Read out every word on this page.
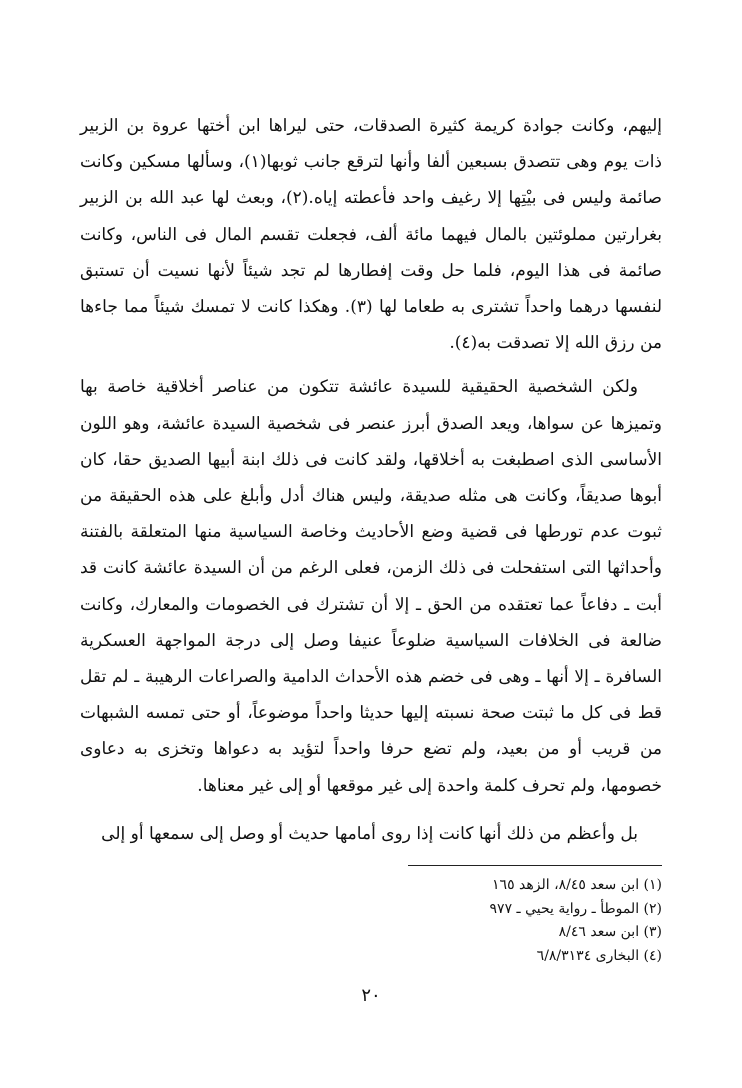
إليهم، وكانت جوادة كريمة كثيرة الصدقات، حتى ليراها ابن أختها عروة بن الزبير ذات يوم وهى تتصدق بسبعين ألفا وأنها لترقع جانب ثوبها(١)، وسألها مسكين وكانت صائمة وليس فى بيْتِها إلا رغيف واحد فأعطته إياه.(٢)، وبعث لها عبد الله بن الزبير بغرارتين مملوئتين بالمال فيهما مائة ألف، فجعلت تقسم المال فى الناس، وكانت صائمة فى هذا اليوم، فلما حل وقت إفطارها لم تجد شيئاً لأنها نسيت أن تستبق لنفسها درهما واحداً تشترى به طعاما لها (٣). وهكذا كانت لا تمسك شيئاً مما جاءها من رزق الله إلا تصدقت به(٤).

ولكن الشخصية الحقيقية للسيدة عائشة تتكون من عناصر أخلاقية خاصة بها وتميزها عن سواها، ويعد الصدق أبرز عنصر فى شخصية السيدة عائشة، وهو اللون الأساسى الذى اصطبغت به أخلاقها، ولقد كانت فى ذلك ابنة أبيها الصديق حقا، كان أبوها صديقاً، وكانت هى مثله صديقة، وليس هناك أدل وأبلغ على هذه الحقيقة من ثبوت عدم تورطها فى قضية وضع الأحاديث وخاصة السياسية منها المتعلقة بالفتنة وأحداثها التى استفحلت فى ذلك الزمن، فعلى الرغم من أن السيدة عائشة كانت قد أبت ـ دفاعاً عما تعتقده من الحق ـ إلا أن تشترك فى الخصومات والمعارك، وكانت ضالعة فى الخلافات السياسية ضلوعاً عنيفا وصل إلى درجة المواجهة العسكرية السافرة ـ إلا أنها ـ وهى فى خضم هذه الأحداث الدامية والصراعات الرهيبة ـ لم تقل قط فى كل ما ثبتت صحة نسبته إليها حديثا واحداً موضوعاً، أو حتى تمسه الشبهات من قريب أو من بعيد، ولم تضع حرفا واحداً لتؤيد به دعواها وتخزى به دعاوى خصومها، ولم تحرف كلمة واحدة إلى غير موقعها أو إلى غير معناها.

بل وأعظم من ذلك أنها كانت إذا روى أمامها حديث أو وصل إلى سمعها أو إلى

(١) ابن سعد ٨/٤٥، الزهد ١٦٥
(٢) الموطأ ـ رواية يحيي ـ ٩٧٧
(٣) ابن سعد ٨/٤٦
(٤) البخارى ٦/٨/٣١٣٤
٢٠
